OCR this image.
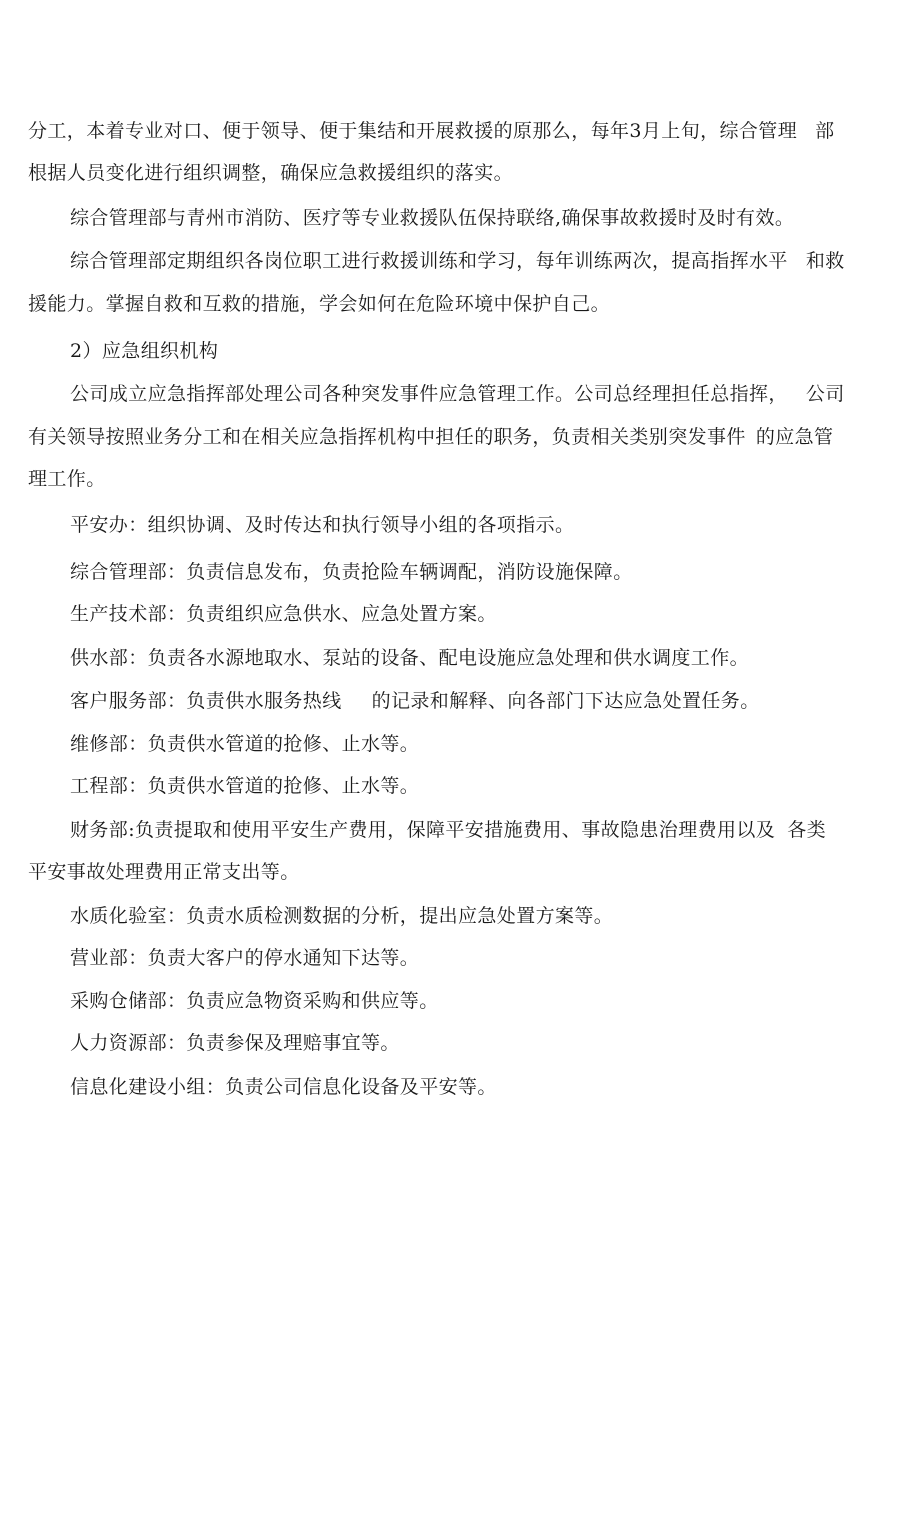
分工，本着专业对口、便于领导、便于集结和开展救援的原那么，每年3月上旬，综合管理 部
根据人员变化进行组织调整，确保应急救援组织的落实。
综合管理部与青州市消防、医疗等专业救援队伍保持联络,确保事故救援时及时有效。
综合管理部定期组织各岗位职工进行救援训练和学习，每年训练两次，提高指挥水平 和救
援能力。掌握自救和互救的措施，学会如何在危险环境中保护自己。
2）应急组织机构
公司成立应急指挥部处理公司各种突发事件应急管理工作。公司总经理担任总指挥， 公司
有关领导按照业务分工和在相关应急指挥机构中担任的职务，负责相关类别突发事件 的应急管
理工作。
平安办：组织协调、及时传达和执行领导小组的各项指示。
综合管理部：负责信息发布，负责抢险车辆调配，消防设施保障。
生产技术部：负责组织应急供水、应急处置方案。
供水部：负责各水源地取水、泵站的设备、配电设施应急处理和供水调度工作。
客户服务部：负责供水服务热线 的记录和解释、向各部门下达应急处置任务。
维修部：负责供水管道的抢修、止水等。
工程部：负责供水管道的抢修、止水等。
财务部:负责提取和使用平安生产费用，保障平安措施费用、事故隐患治理费用以及 各类
平安事故处理费用正常支出等。
水质化验室：负责水质检测数据的分析，提出应急处置方案等。
营业部：负责大客户的停水通知下达等。
采购仓储部：负责应急物资采购和供应等。
人力资源部：负责参保及理赔事宜等。
信息化建设小组：负责公司信息化设备及平安等。
